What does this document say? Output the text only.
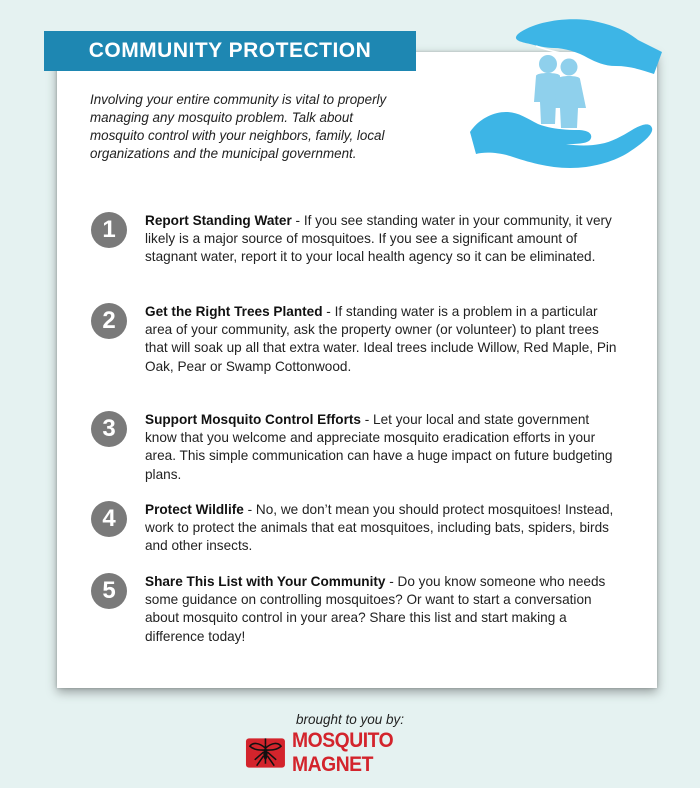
COMMUNITY PROTECTION
Involving your entire community is vital to properly managing any mosquito problem. Talk about mosquito control with your neighbors, family, local organizations and the municipal government.
1	Report Standing Water - If you see standing water in your community, it very likely is a major source of mosquitoes. If you see a significant amount of stagnant water, report it to your local health agency so it can be eliminated.
2	Get the Right Trees Planted - If standing water is a problem in a particular area of your community, ask the property owner (or volunteer) to plant trees that will soak up all that extra water. Ideal trees include Willow, Red Maple, Pin Oak, Pear or Swamp Cottonwood.
3	Support Mosquito Control Efforts - Let your local and state government know that you welcome and appreciate mosquito eradication efforts in your area. This simple communication can have a huge impact on future budgeting plans.
4	Protect Wildlife - No, we don’t mean you should protect mosquitoes! Instead, work to protect the animals that eat mosquitoes, including bats, spiders, birds and other insects.
5	Share This List with Your Community - Do you know someone who needs some guidance on controlling mosquitoes? Or want to start a conversation about mosquito control in your area? Share this list and start making a difference today!
brought to you by:
MOSQUITO MAGNET
